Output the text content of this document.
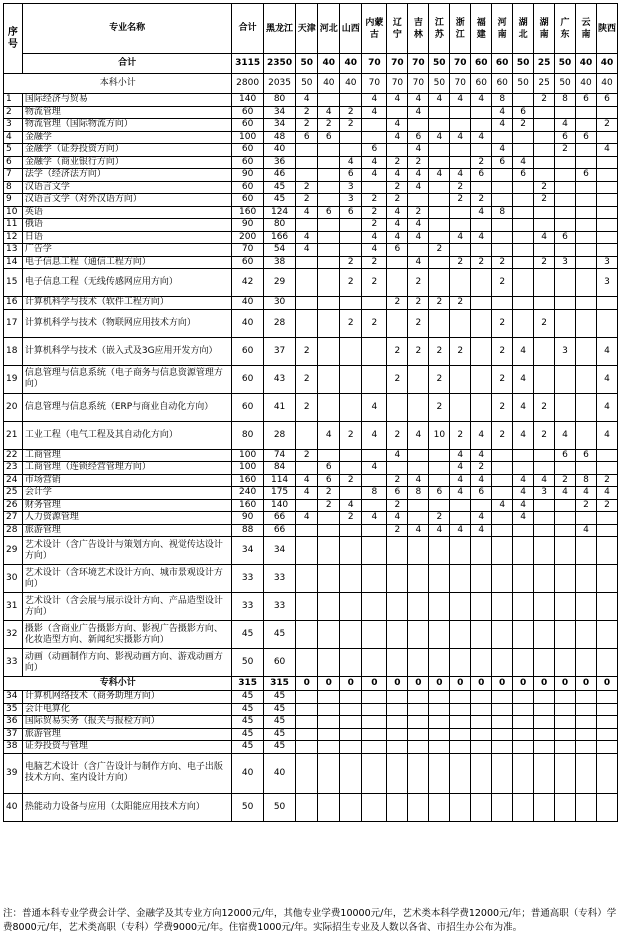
序号	专业名称	合计	黑龙江	天津	河北	山西	内蒙古	辽宁	吉林	江苏	浙江	福建	河南	湖北	湖南	广东	云南	陕西
	合计	3115	2350	50	40	40	70	70	70	50	70	60	60	50	25	50	40	40
本科小计		2800	2035	50	40	40	70	70	70	50	70	60	60	50	25	50	40	40
1	国际经济与贸易	140	80	4			4	4	4	4	4	4	8		2	8	6	6
2	物流管理	60	34	2	4	2	4		4				4	6				
3	物流管理（国际物流方向）	60	34	2	2	2		4					4	2		4		2
4	金融学	100	48	6	6			4	6	4	4	4				6	6	
5	金融学（证券投资方向）	60	40				6		4				4			2		4
6	金融学（商业银行方向）	60	36			4	4	2	2			2	6	4				
7	法学（经济法方向）	90	46			6	4	4	4	4	4	6		6			6	
8	汉语言文学	60	45	2		3		2	4		2				2			
9	汉语言文学（对外汉语方向）	60	45	2		3	2	2			2	2			2			
10	英语	160	124	4	6	6	2	4	2			4	8					
11	俄语	90	80				2	4	4									
12	日语	200	166	4			4	4	4		4	4			4	6		
13	广告学	70	54	4			4	6		2								
14	电子信息工程（通信工程方向）	60	38			2	2		4		2	2	2		2	3		3
15	电子信息工程（无线传感网应用方向）	42	29			2	2		2				2					3
16	计算机科学与技术（软件工程方向）	40	30					2	2	2	2							
17	计算机科学与技术（物联网应用技术方向）	40	28			2	2		2				2		2			
18	计算机科学与技术（嵌入式及3G应用开发方向）	60	37	2				2	2	2	2		2	4		3		4
19	信息管理与信息系统（电子商务与信息资源管理方向）	60	43	2				2		2			2	4				4
20	信息管理与信息系统（ERP与商业自动化方向）	60	41	2			4			2			2	4	2			4
21	工业工程（电气工程及其自动化方向）	80	28		4	2	4	2	4	10	2	4	2	4	2	4		4
22	工商管理	100	74	2				4			4	4				6	6	
23	工商管理（连锁经营管理方向）	100	84		6		4				4	2						
24	市场营销	160	114	4	6	2		2	4		4	4		4	4	2	8	2
25	会计学	240	175	4	2		8	6	8	6	4	6		4	3	4	4	4
26	财务管理	160	140		2	4		2					4	4			2	2
27	人力资源管理	90	66	4		2	4	4		2		4		4				
28	旅游管理	88	66					2	4	4	4	4					4	
29	艺术设计（含广告设计与策划方向、视觉传达设计方向）	34	34															
30	艺术设计（含环境艺术设计方向、城市景观设计方向）	33	33															
31	艺术设计（含会展与展示设计方向、产品造型设计方向）	33	33															
32	摄影（含商业广告摄影方向、影视广告摄影方向、化妆造型方向、新闻纪实摄影方向）	45	45															
33	动画（动画制作方向、影视动画方向、游戏动画方向）	50	60															
专科小计		315	315	0	0	0	0	0	0	0	0	0	0	0	0	0	0	0
34	计算机网络技术（商务助理方向）	45	45															
35	会计电算化	45	45															
36	国际贸易实务（报关与报检方向）	45	45															
37	旅游管理	45	45															
38	证券投资与管理	45	45															
39	电脑艺术设计（含广告设计与制作方向、电子出版技术方向、室内设计方向）	40	40															
40	热能动力设备与应用（太阳能应用技术方向）	50	50															
注：普通本科专业学费会计学、金融学及其专业方向12000元/年，其他专业学费10000元/年，艺术类本科学费12000元/年；普通高职（专科）学费8000元/年，艺术类高职（专科）学费9000元/年。住宿费1000元/年。实际招生专业及人数以各省、市招生办公布为准。
